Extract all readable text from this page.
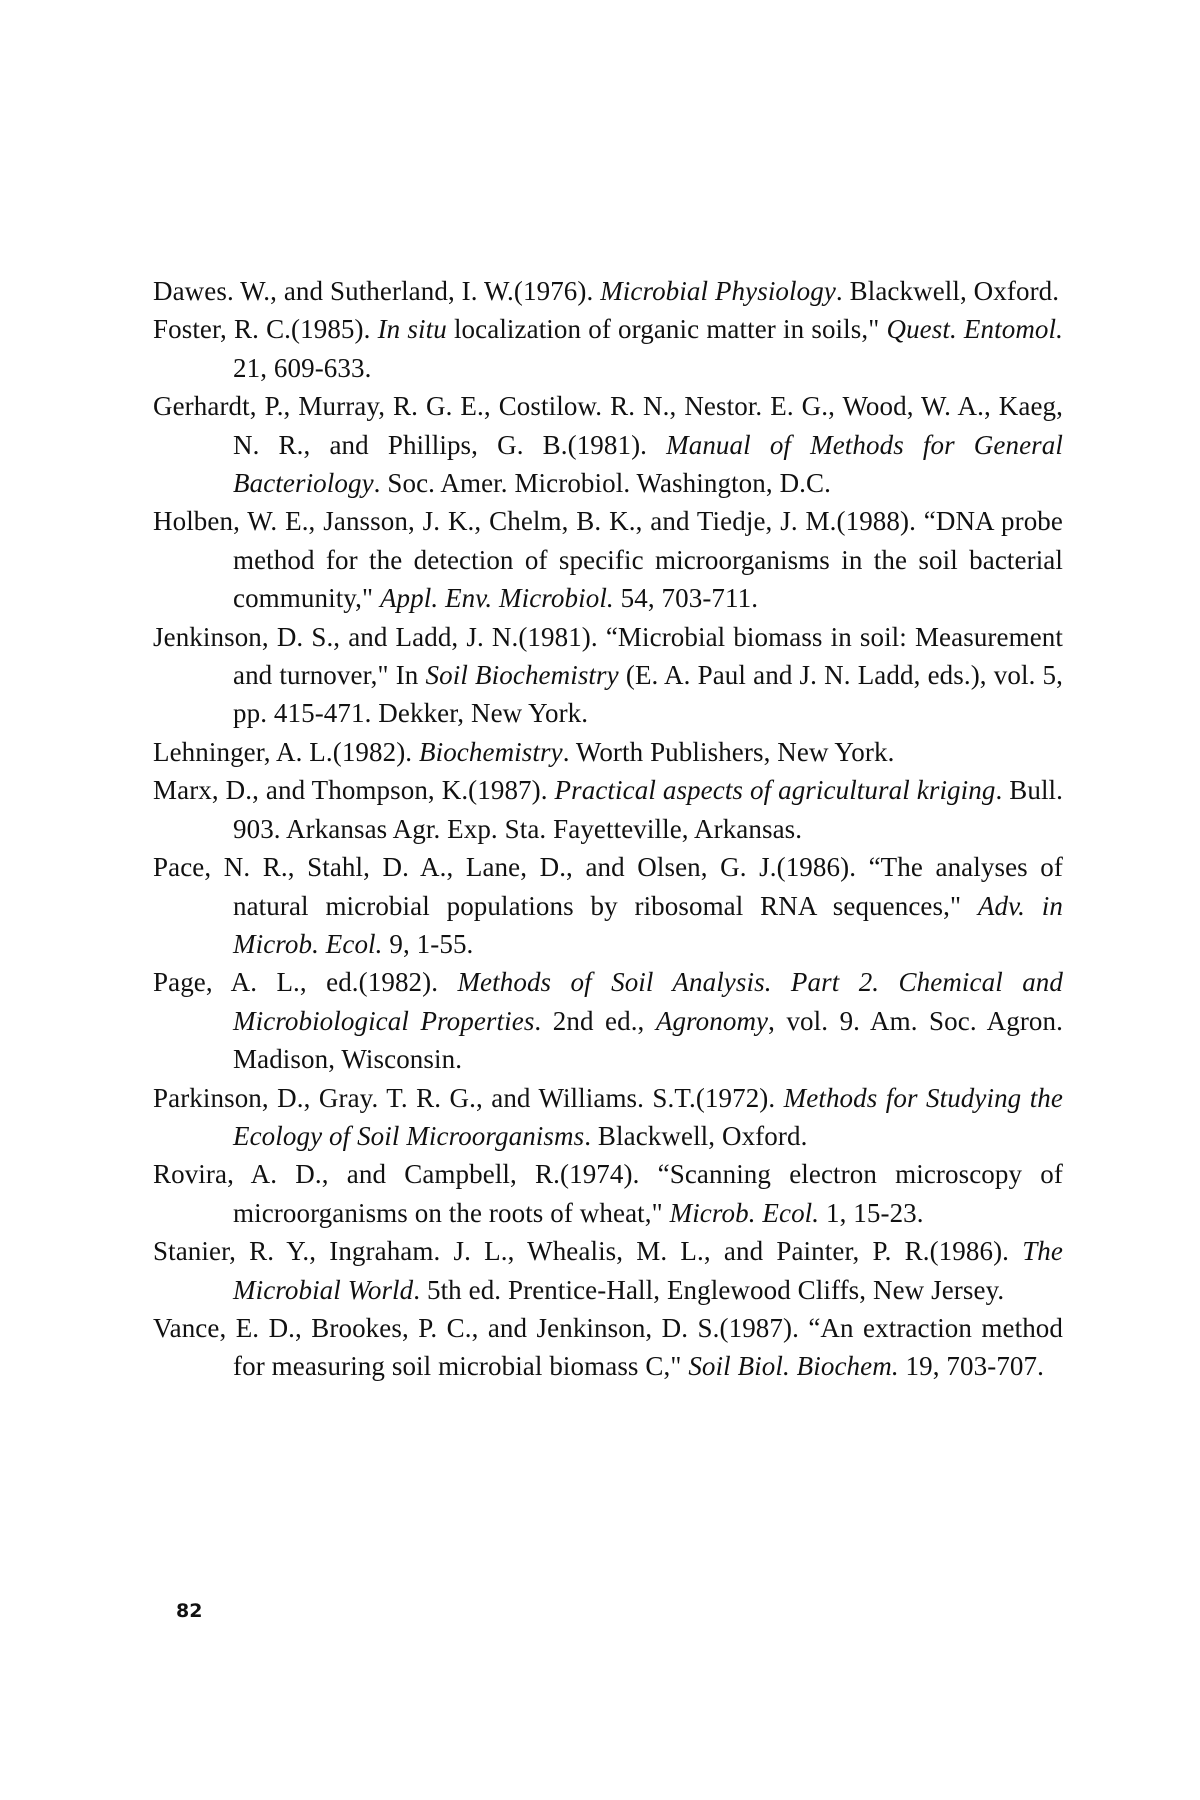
Dawes. W., and Sutherland, I. W.(1976). Microbial Physiology. Blackwell, Oxford.

Foster, R. C.(1985). In situ localization of organic matter in soils," Quest. Entomol. 21, 609-633.

Gerhardt, P., Murray, R. G. E., Costilow. R. N., Nestor. E. G., Wood, W. A., Kaeg, N. R., and Phillips, G. B.(1981). Manual of Methods for General Bacteriology. Soc. Amer. Microbiol. Washington, D.C.

Holben, W. E., Jansson, J. K., Chelm, B. K., and Tiedje, J. M.(1988). “DNA probe method for the detection of specific microorganisms in the soil bacterial community," Appl. Env. Microbiol. 54, 703-711.

Jenkinson, D. S., and Ladd, J. N.(1981). “Microbial biomass in soil: Measurement and turnover," In Soil Biochemistry (E. A. Paul and J. N. Ladd, eds.), vol. 5, pp. 415-471. Dekker, New York.

Lehninger, A. L.(1982). Biochemistry. Worth Publishers, New York.

Marx, D., and Thompson, K.(1987). Practical aspects of agricultural kriging. Bull. 903. Arkansas Agr. Exp. Sta. Fayetteville, Arkansas.

Pace, N. R., Stahl, D. A., Lane, D., and Olsen, G. J.(1986). “The analyses of natural microbial populations by ribosomal RNA sequences," Adv. in Microb. Ecol. 9, 1-55.

Page, A. L., ed.(1982). Methods of Soil Analysis. Part 2. Chemical and Microbiological Properties. 2nd ed., Agronomy, vol. 9. Am. Soc. Agron. Madison, Wisconsin.

Parkinson, D., Gray. T. R. G., and Williams. S.T.(1972). Methods for Studying the Ecology of Soil Microorganisms. Blackwell, Oxford.

Rovira, A. D., and Campbell, R.(1974). “Scanning electron microscopy of microorganisms on the roots of wheat," Microb. Ecol. 1, 15-23.

Stanier, R. Y., Ingraham. J. L., Whealis, M. L., and Painter, P. R.(1986). The Microbial World. 5th ed. Prentice-Hall, Englewood Cliffs, New Jersey.

Vance, E. D., Brookes, P. C., and Jenkinson, D. S.(1987). “An extraction method for measuring soil microbial biomass C," Soil Biol. Biochem. 19, 703-707.

82
